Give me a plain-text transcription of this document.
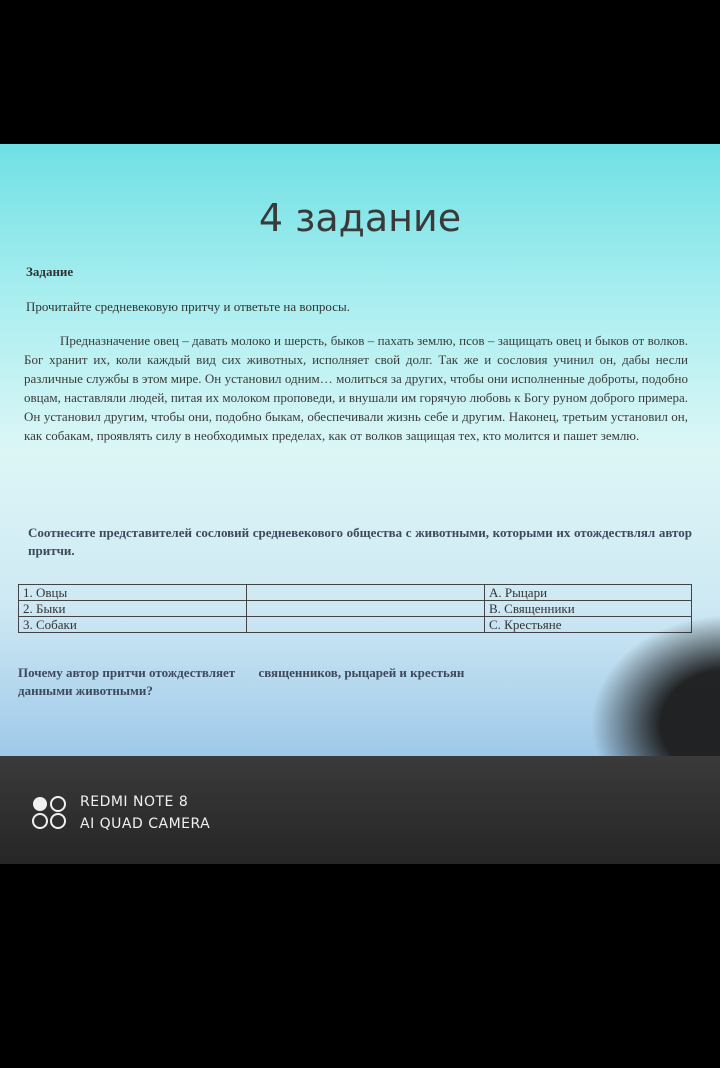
4 задание
Задание
Прочитайте средневековую притчу и ответьте на вопросы.
Предназначение овец – давать молоко и шерсть, быков – пахать землю, псов – защищать овец и быков от волков. Бог хранит их, коли каждый вид сих животных, исполняет свой долг. Так же и сословия учинил он, дабы несли различные службы в этом мире. Он установил одним… молиться за других, чтобы они исполненные доброты, подобно овцам, наставляли людей, питая их молоком проповеди, и внушали им горячую любовь к Богу руном доброго примера. Он установил другим, чтобы они, подобно быкам, обеспечивали жизнь себе и другим. Наконец, третьим установил он, как собакам, проявлять силу в необходимых пределах, как от волков защищая тех, кто молится и пашет землю.
Соотнесите представителей сословий средневекового общества с животными, которыми их отождествлял автор притчи.
1. Овцы		А. Рыцари
2. Быки		В. Священники
3. Собаки		С. Крестьяне
Почему автор притчи отождествляет священников, рыцарей и крестьян
данными животными?
REDMI NOTE 8
AI QUAD CAMERA
